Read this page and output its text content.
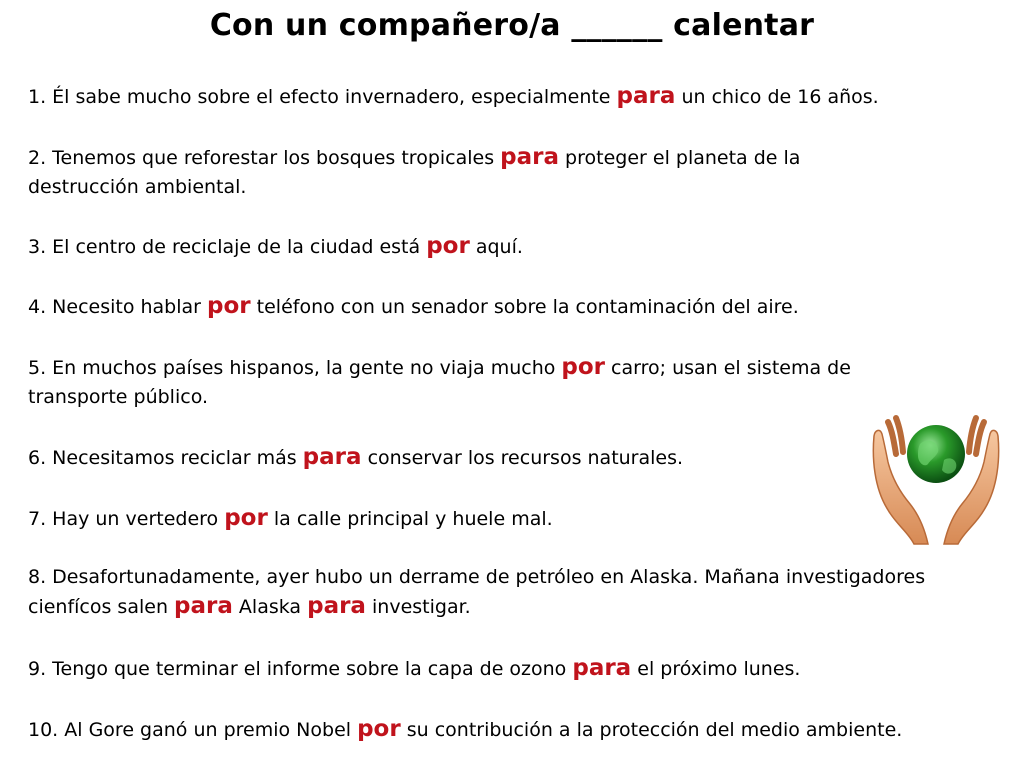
Con un compañero/a ______ calentar
1. Él sabe mucho sobre el efecto invernadero, especialmente para un chico de 16 años.
2. Tenemos que reforestar los bosques tropicales para proteger el planeta de la
destrucción ambiental.
3. El centro de reciclaje de la ciudad está por aquí.
4. Necesito hablar por teléfono con un senador sobre la contaminación del aire.
5. En muchos países hispanos, la gente no viaja mucho por carro; usan el sistema de
transporte público.
6. Necesitamos reciclar más para conservar los recursos naturales.
7. Hay un vertedero por la calle principal y huele mal.
8. Desafortunadamente, ayer hubo un derrame de petróleo en Alaska. Mañana investigadores
cienfícos salen para Alaska para investigar.
9. Tengo que terminar el informe sobre la capa de ozono para el próximo lunes.
10. Al Gore ganó un premio Nobel por su contribución a la protección del medio ambiente.
